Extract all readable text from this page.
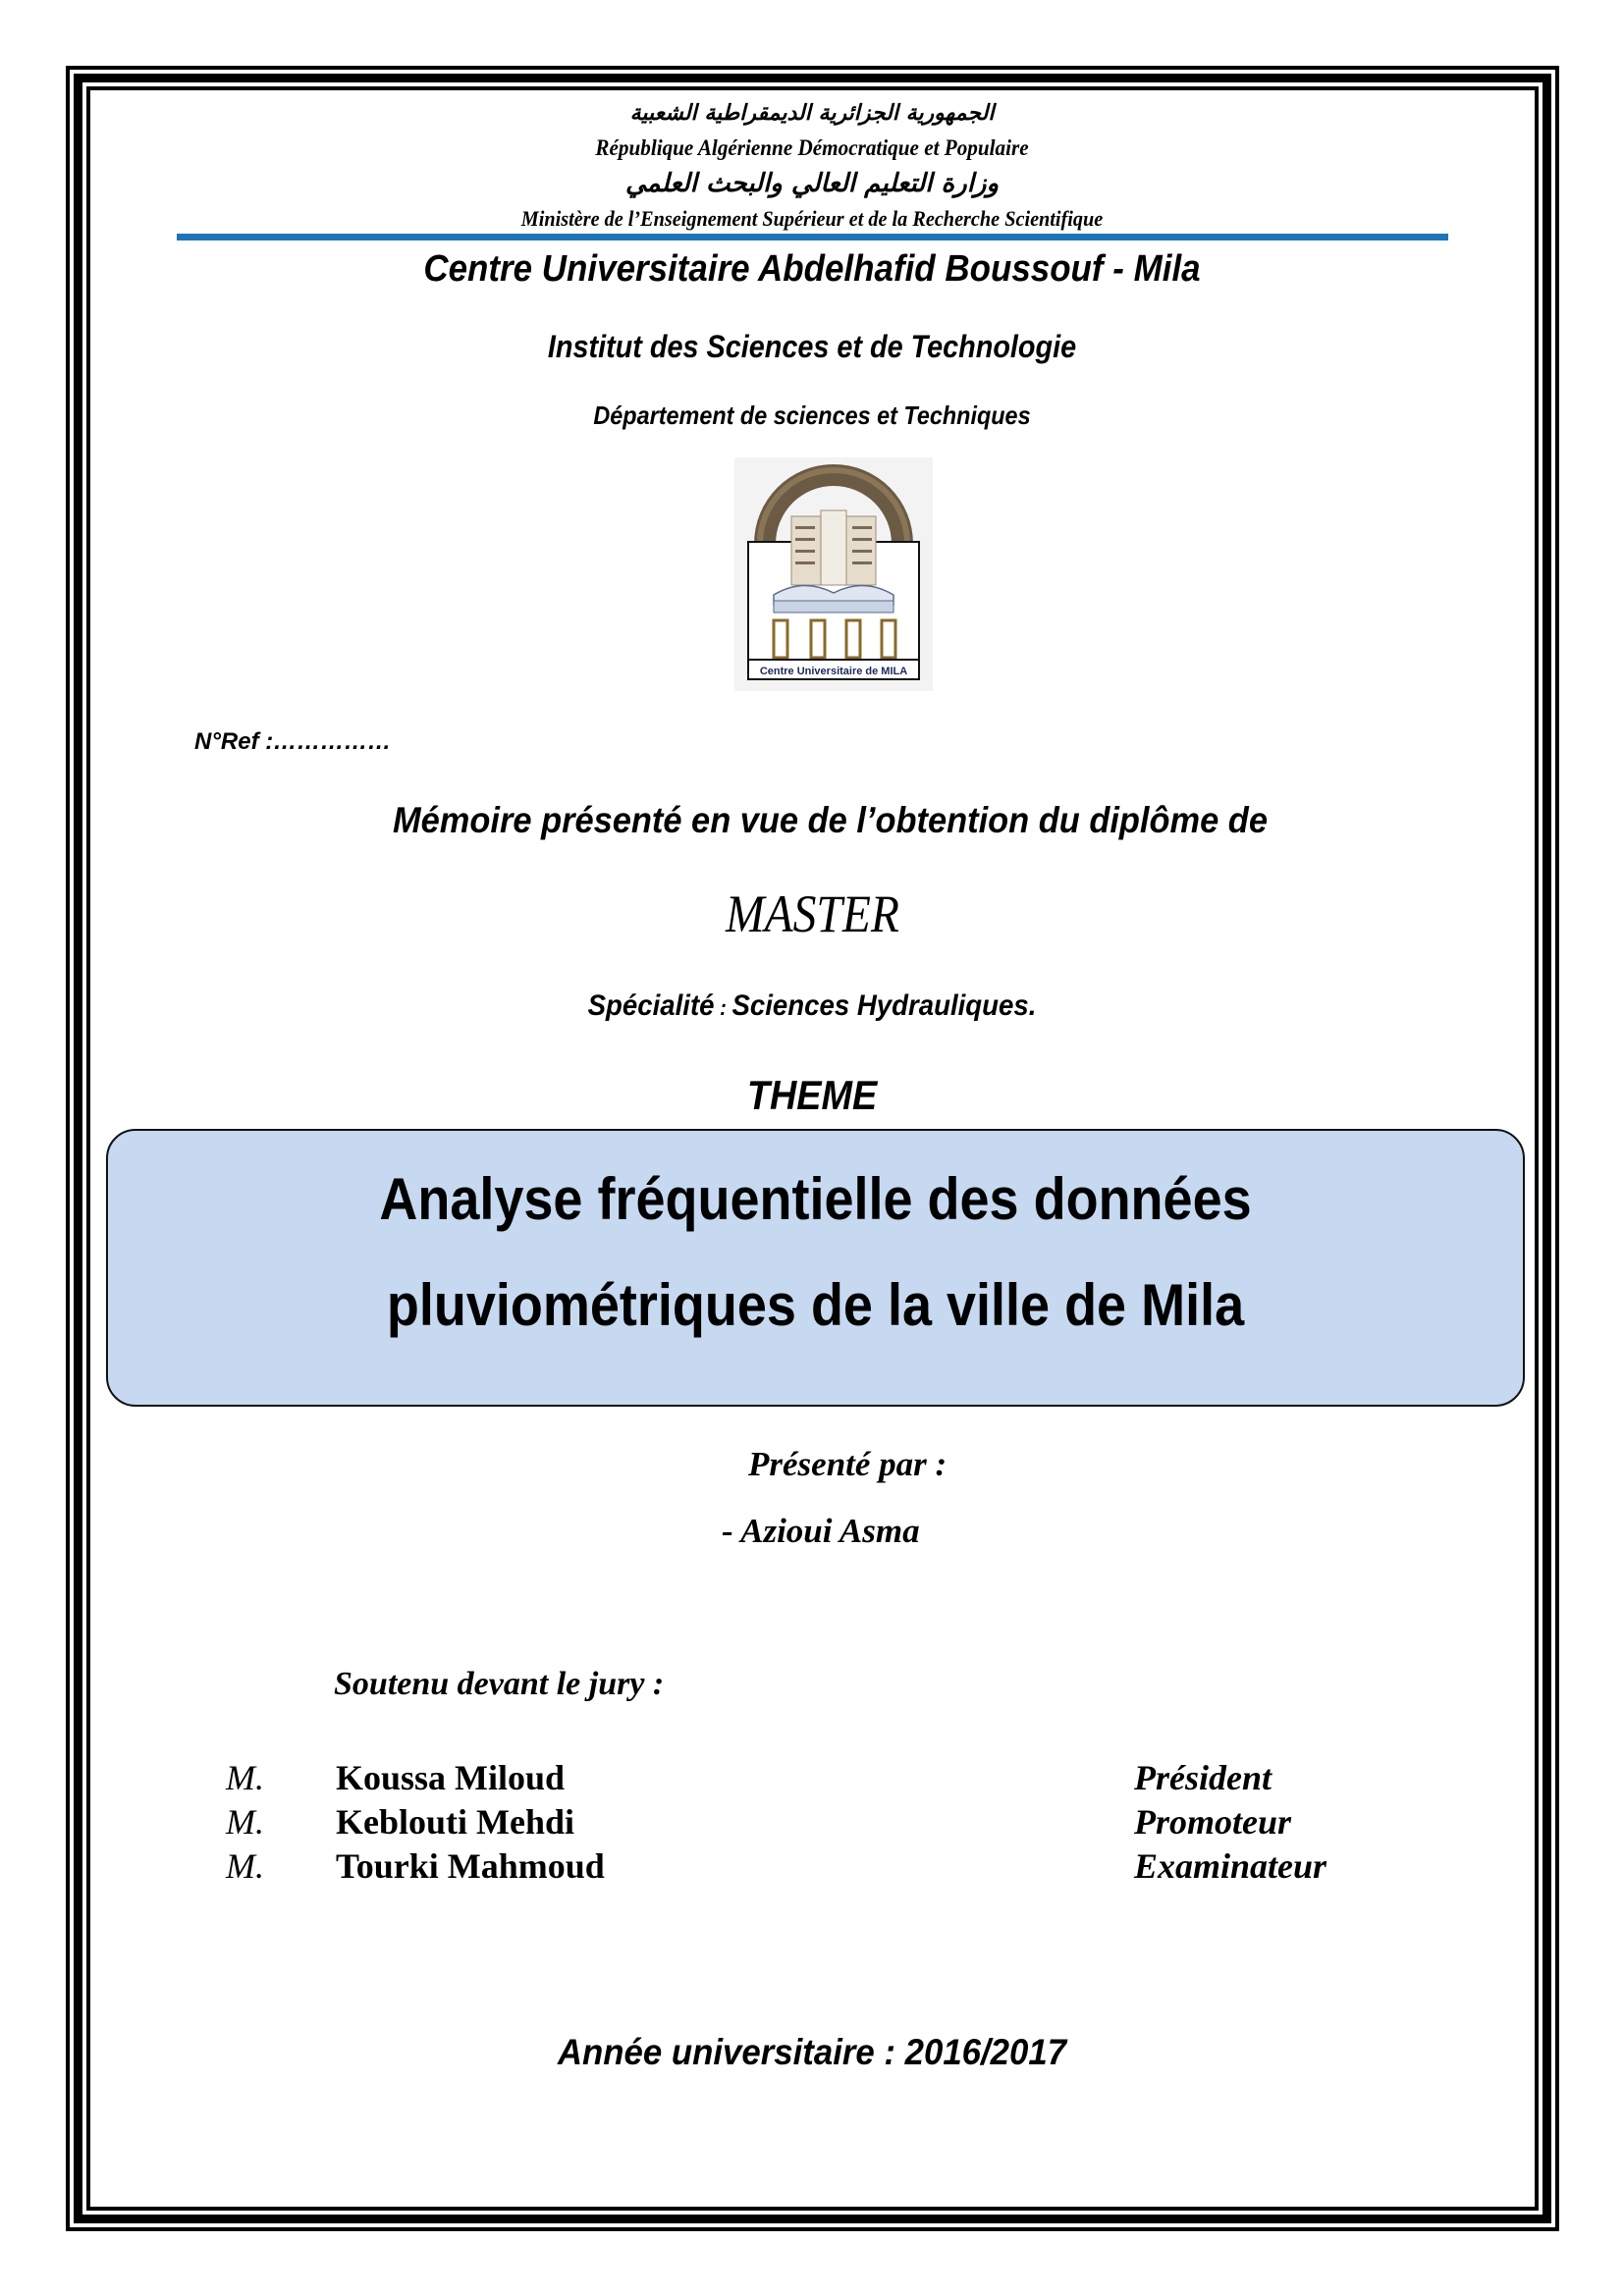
الجمهورية الجزائرية الديمقراطية الشعبية
République Algérienne Démocratique et Populaire
وزارة التعليم العالي والبحث العلمي
Ministère de l’Enseignement Supérieur et de la Recherche Scientifique
Centre Universitaire Abdelhafid Boussouf - Mila
Institut des Sciences et de Technologie
Département de sciences et Techniques
Centre Universitaire de MILA
N°Ref :……………
Mémoire présenté en vue de l’obtention du diplôme de
MASTER
Spécialité : Sciences Hydrauliques.
THEME
Analyse fréquentielle des données
pluviométriques de la ville de Mila
Présenté par :
- Azioui Asma
Soutenu devant le jury :
M. Koussa Miloud	Président
M. Keblouti Mehdi	Promoteur
M. Tourki Mahmoud	Examinateur
Année universitaire : 2016/2017
